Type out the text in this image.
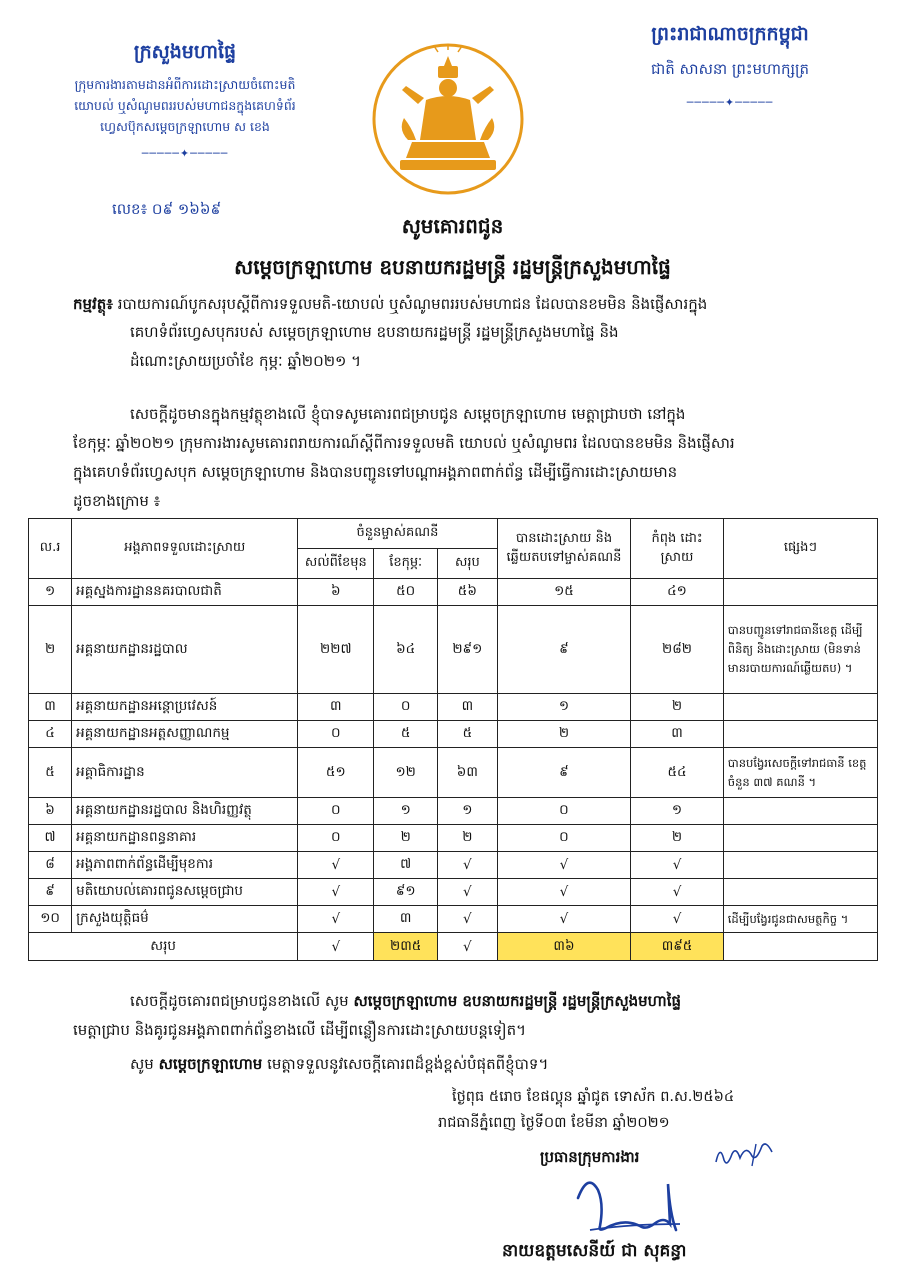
ក្រសួងមហាផ្ទៃ
ក្រុមការងារតាមដានអំពីការដោះស្រាយចំពោះមតិ
យោបល់ ឬសំណូមពររបស់មហាជនក្នុងគេហទំព័រ
ហ្វេសប៊ុកសម្តេចក្រឡាហោម ស ខេង
─────✦─────
លេខ៖ ០៩ ១៦៦៩
ព្រះរាជាណាចក្រកម្ពុជា
ជាតិ សាសនា ព្រះមហាក្សត្រ
─────✦─────
សូមគោរពជូន
សម្តេចក្រឡាហោម ឧបនាយករដ្ឋមន្ត្រី រដ្ឋមន្ត្រីក្រសួងមហាផ្ទៃ
កម្មវត្ថុ៖ របាយការណ៍បូកសរុបស្តីពីការទទួលមតិ-យោបល់ ឬសំណូមពររបស់មហាជន ដែលបានខមមិន និងផ្ញើសារក្នុង
គេហទំព័រហ្វេសបុករបស់ សម្តេចក្រឡាហោម ឧបនាយករដ្ឋមន្ត្រី រដ្ឋមន្ត្រីក្រសួងមហាផ្ទៃ និង
ដំណោះស្រាយប្រចាំខែ កុម្ភៈ ឆ្នាំ២០២១ ។
សេចក្តីដូចមានក្នុងកម្មវត្ថុខាងលើ ខ្ញុំបាទសូមគោរពជម្រាបជូន សម្តេចក្រឡាហោម មេត្តាជ្រាបថា នៅក្នុង
ខែកុម្ភៈ ឆ្នាំ២០២១ ក្រុមការងារសូមគោរពរាយការណ៍ស្តីពីការទទួលមតិ យោបល់ ឬសំណូមពរ ដែលបានខមមិន និងផ្ញើសារ
ក្នុងគេហទំព័រហ្វេសបុក សម្តេចក្រឡាហោម និងបានបញ្ជូនទៅបណ្តាអង្គភាពពាក់ព័ន្ធ ដើម្បីធ្វើការដោះស្រាយមាន
ដូចខាងក្រោម ៖
ល.រ	អង្គភាពទទួលដោះស្រាយ	ចំនួនម្ចាស់គណនី			បានដោះស្រាយ និង ឆ្លើយតបទៅម្ចាស់គណនី	កំពុង ដោះស្រាយ	ផ្សេងៗ
		សល់ពីខែមុន	ខែកុម្ភៈ	សរុប			
១	អគ្គស្នងការដ្ឋាននគរបាលជាតិ	៦	៥០	៥៦	១៥	៤១	
២	អគ្គនាយកដ្ឋានរដ្ឋបាល	២២៧	៦៤	២៩១	៩	២៨២	បានបញ្ជូនទៅរាជធានីខេត្ត ដើម្បីពិនិត្យ និងដោះស្រាយ (មិនទាន់មានរបាយការណ៍ឆ្លើយតប) ។
៣	អគ្គនាយកដ្ឋានអន្តោប្រវេសន៍	៣	០	៣	១	២	
៤	អគ្គនាយកដ្ឋានអត្តសញ្ញាណកម្ម	០	៥	៥	២	៣	
៥	អគ្គាធិការដ្ឋាន	៥១	១២	៦៣	៩	៥៤	បានបង្វែរសេចក្តីទៅរាជធានី ខេត្ត ចំនួន ៣៧ គណនី ។
៦	អគ្គនាយកដ្ឋានរដ្ឋបាល និងហិរញ្ញវត្ថុ	០	១	១	០	១	
៧	អគ្គនាយកដ្ឋានពន្ធនាគារ	០	២	២	០	២	
៨	អង្គភាពពាក់ព័ន្ធដើម្បីមុខការ	√	៧	√	√	√	
៩	មតិយោបល់គោរពជូនសម្តេចជ្រាប	√	៩១	√	√	√	
១០	ក្រសួងយុត្តិធម៌	√	៣	√	√	√	ដើម្បីបង្វែរជូនជាសមត្ថកិច្ច ។
សរុប		√	២៣៥	√	៣៦	៣៩៥	
សេចក្តីដូចគោរពជម្រាបជូនខាងលើ សូម សម្តេចក្រឡាហោម ឧបនាយករដ្ឋមន្ត្រី រដ្ឋមន្ត្រីក្រសួងមហាផ្ទៃ
មេត្តាជ្រាប និងគូរជូនអង្គភាពពាក់ព័ន្ធខាងលើ ដើម្បីពន្លឿនការដោះស្រាយបន្តទៀត។
សូម សម្តេចក្រឡាហោម មេត្តាទទួលនូវសេចក្តីគោរពដ៏ខ្ពង់ខ្ពស់បំផុតពីខ្ញុំបាទ។
ថ្ងៃពុធ ៥រោច ខែផល្គុន ឆ្នាំជូត ទោស័ក ព.ស.២៥៦៤
រាជធានីភ្នំពេញ ថ្ងៃទី០៣ ខែមីនា ឆ្នាំ២០២១
ប្រធានក្រុមការងារ
នាយឧត្តមសេនីយ៍ ជា សុគន្ធា
